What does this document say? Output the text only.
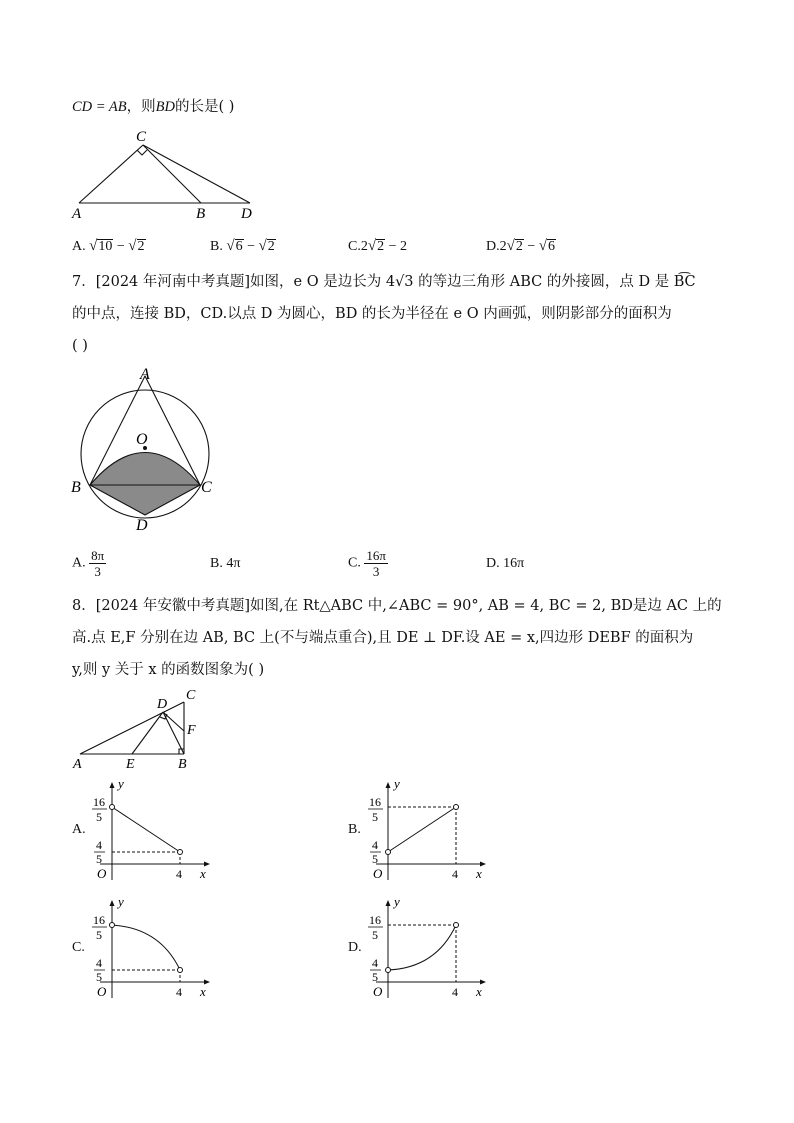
CD = AB，则BD的长是( )
C
A	B D
A. √10 − √2	B. √6 − √2	C.2√2 − 2	D.2√2 − √6
7．[2024 年河南中考真题]如图，e O 是边长为 4√3 的等边三角形 ABC 的外接圆，点 D 是 B͡C
的中点，连接 BD，CD.以点 D 为圆心，BD 的长为半径在 e O 内画弧，则阴影部分的面积为
( )
A
O
B	C
D
A. $\frac{8\pi}{3}$	B. 4π	C. $\frac{16\pi}{3}$	D. 16π
8．[2024 年安徽中考真题]如图,在 Rt△ABC 中,∠ABC = 90°, AB = 4, BC = 2, BD是边 AC 上的
高.点 E,F 分别在边 AB, BC 上(不与端点重合),且 DE ⊥ DF.设 AE = x,四边形 DEBF 的面积为
y,则 y 关于 x 的函数图象为( )
C
D
F
A	E	B
A.
y
16
5
4
5
O	4 x
B.
y
16
5
4
5
O	4 x
C.
y
16
5
4
5
O	4 x
D.
y
16
5
4
5
O	4 x
